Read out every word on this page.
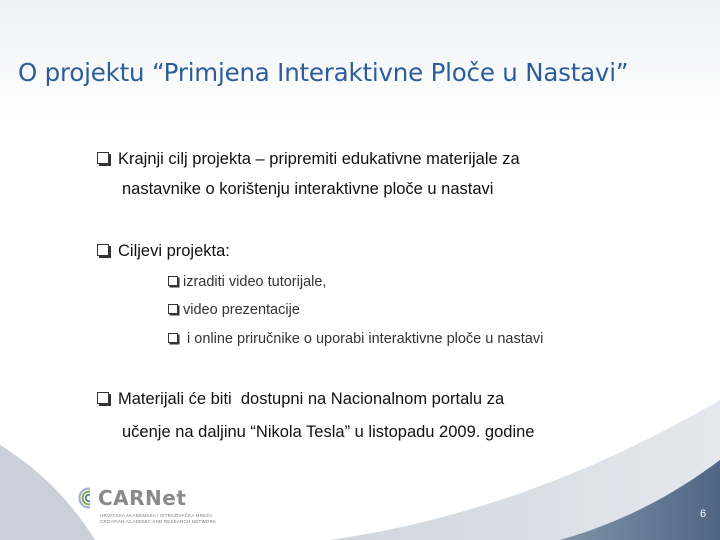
O projektu “Primjena Interaktivne Ploče u Nastavi”
Krajnji cilj projekta – pripremiti edukativne materijale za
nastavnike o korištenju interaktivne ploče u nastavi
Ciljevi projekta:
izraditi video tutorijale,
video prezentacije
i online priručnike o uporabi interaktivne ploče u nastavi
Materijali će biti  dostupni na Nacionalnom portalu za
učenje na daljinu “Nikola Tesla” u listopadu 2009. godine
CARNet
HRVATSKA AKADEMSKA I ISTRAŽIVAČKA MREŽA
CROATIAN ACADEMIC AND RESEARCH NETWORK
6
